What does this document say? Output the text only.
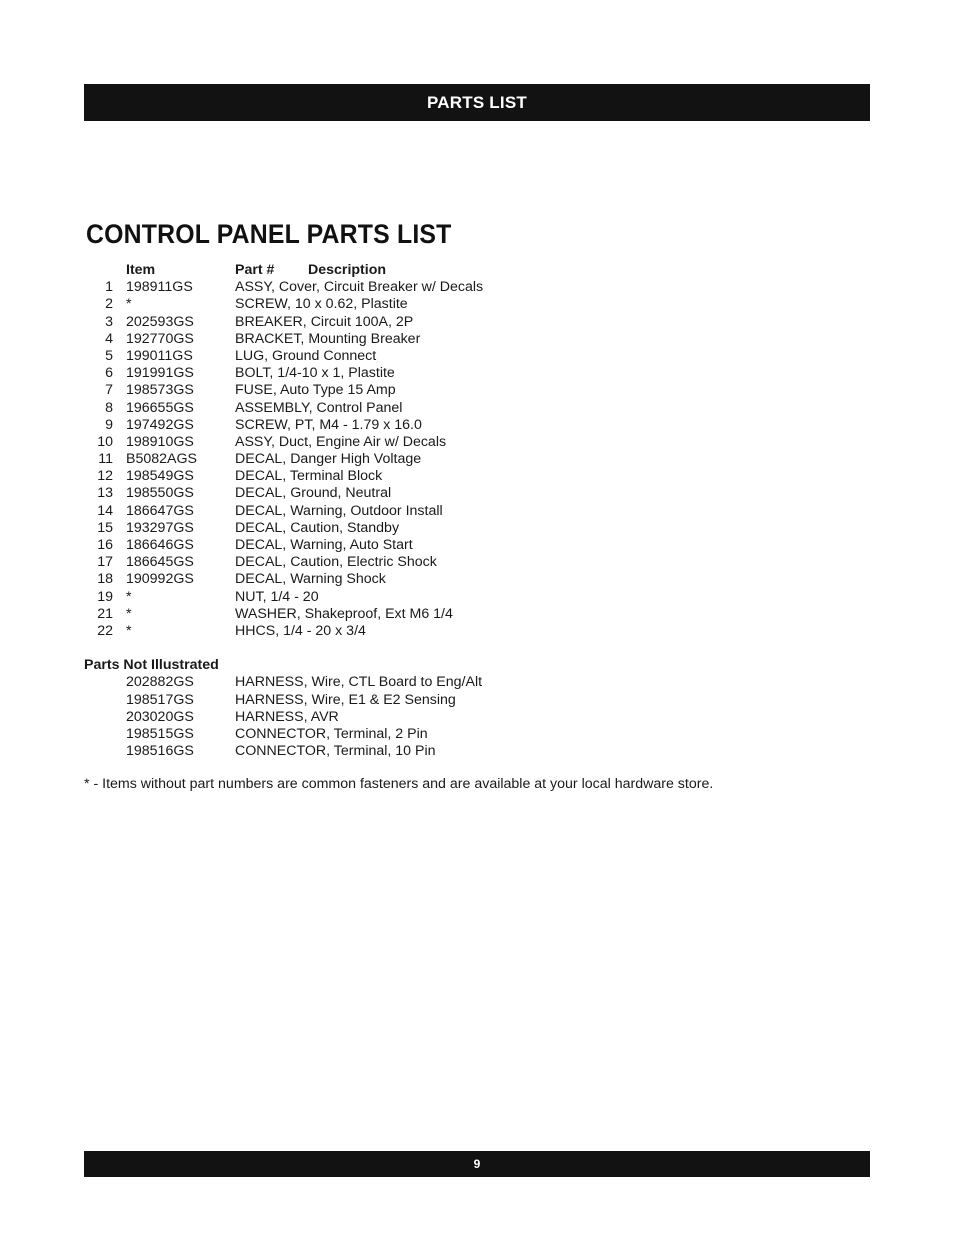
PARTS LIST
CONTROL PANEL PARTS LIST
Item	Part # Description
1 198911GS	ASSY, Cover, Circuit Breaker w/ Decals
2 *	SCREW, 10 x 0.62, Plastite
3 202593GS	BREAKER, Circuit 100A, 2P
4 192770GS	BRACKET, Mounting Breaker
5 199011GS	LUG, Ground Connect
6 191991GS	BOLT, 1/4-10 x 1, Plastite
7 198573GS	FUSE, Auto Type 15 Amp
8 196655GS	ASSEMBLY, Control Panel
9 197492GS	SCREW, PT, M4 - 1.79 x 16.0
10 198910GS	ASSY, Duct, Engine Air w/ Decals
11 B5082AGS	DECAL, Danger High Voltage
12 198549GS	DECAL, Terminal Block
13 198550GS	DECAL, Ground, Neutral
14 186647GS	DECAL, Warning, Outdoor Install
15 193297GS	DECAL, Caution, Standby
16 186646GS	DECAL, Warning, Auto Start
17 186645GS	DECAL, Caution, Electric Shock
18 190992GS	DECAL, Warning Shock
19 *	NUT, 1/4 - 20
21 *	WASHER, Shakeproof, Ext M6 1/4
22 *	HHCS, 1/4 - 20 x 3/4
Parts Not Illustrated
202882GS	HARNESS, Wire, CTL Board to Eng/Alt
198517GS	HARNESS, Wire, E1 & E2 Sensing
203020GS	HARNESS, AVR
198515GS	CONNECTOR, Terminal, 2 Pin
198516GS	CONNECTOR, Terminal, 10 Pin
* - Items without part numbers are common fasteners and are available at your local hardware store.
9
